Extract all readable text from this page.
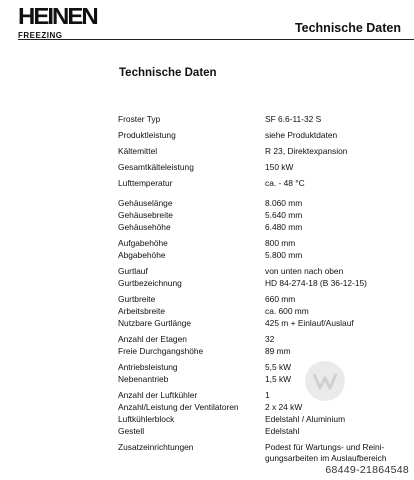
HEINEN
FREEZING
Technische Daten
Technische Daten
Froster Typ	SF 6.6-11-32 S
Produktleistung	siehe Produktdaten
Kältemittel	R 23, Direktexpansion
Gesamtkälteleistung	150 kW
Lufttemperatur	ca. - 48 °C
Gehäuselänge	8.060 mm
Gehäusebreite	5.640 mm
Gehäusehöhe	6.480 mm
Aufgabehöhe	800 mm
Abgabehöhe	5.800 mm
Gurtlauf	von unten nach oben
Gurtbezeichnung	HD 84-274-18 (B 36-12-15)
Gurtbreite	660 mm
Arbeitsbreite	ca. 600 mm
Nutzbare Gurtlänge	425 m + Einlauf/Auslauf
Anzahl der Etagen	32
Freie Durchgangshöhe	89 mm
Antriebsleistung	5,5 kW
Nebenantrieb	1,5 kW
Anzahl der Luftkühler	1
Anzahl/Leistung der Ventilatoren	2 x 24 kW
Luftkühlerblock	Edelstahl / Aluminium
Gestell	Edelstahl
Zusatzeinrichtungen	Podest für Wartungs- und Reini-
gungsarbeiten im Auslaufbereich
68449-21864548
